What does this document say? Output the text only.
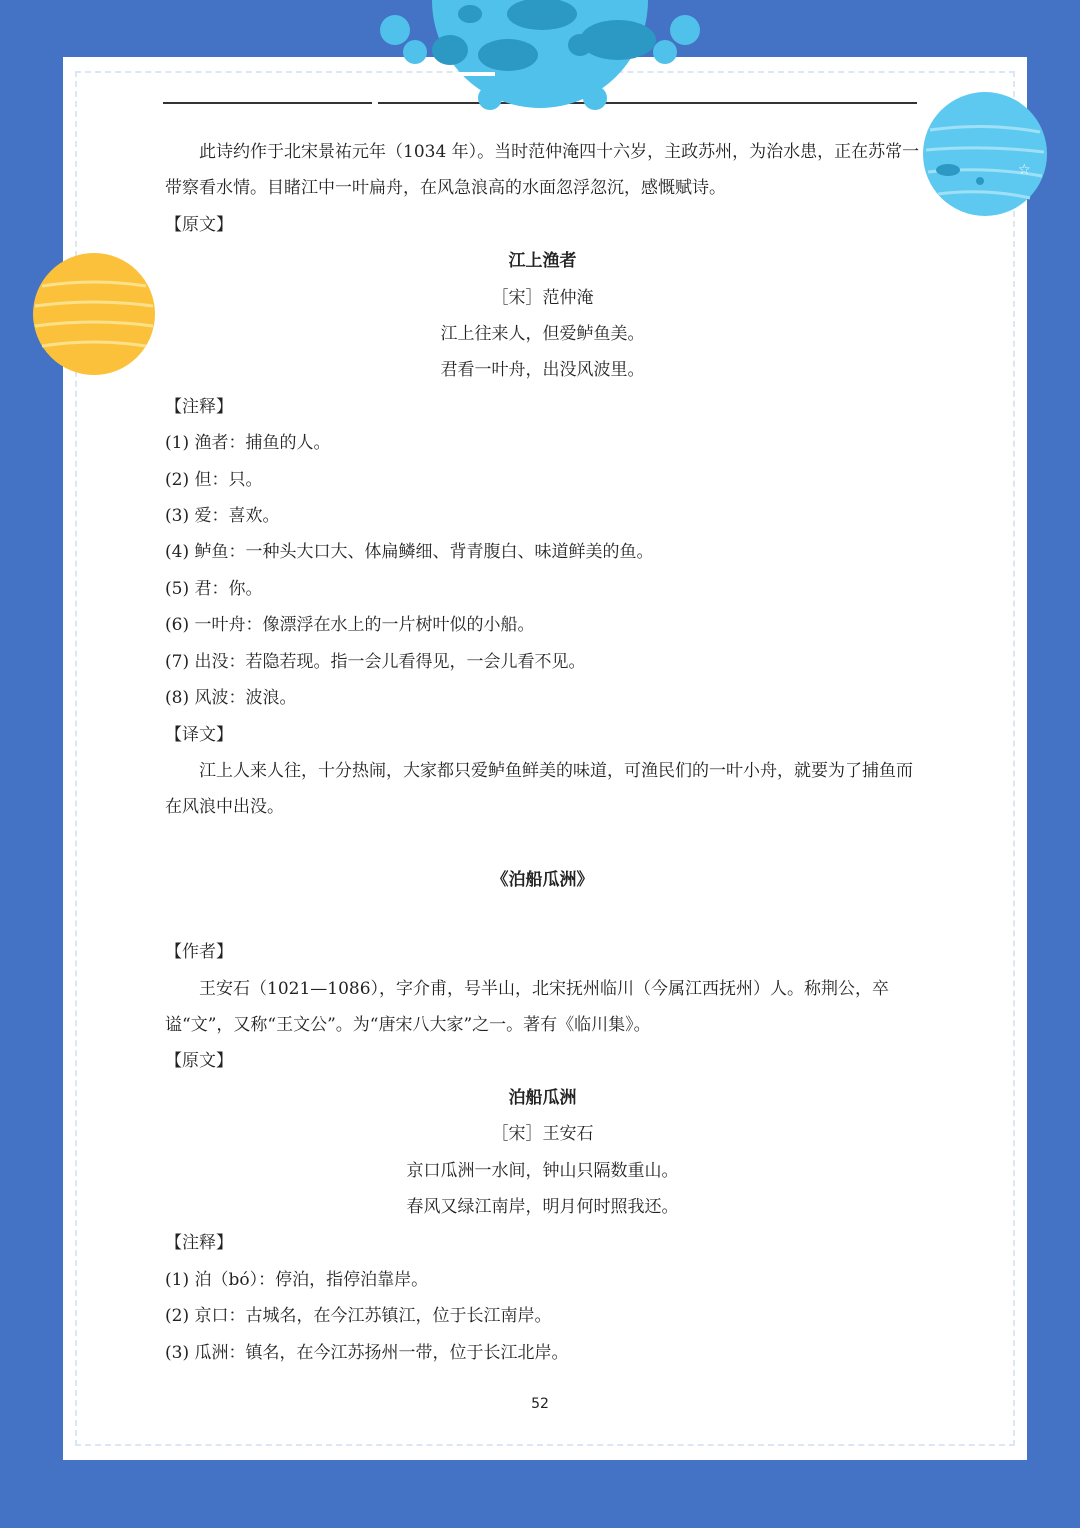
☆

此诗约作于北宋景祐元年（1034 年）。当时范仲淹四十六岁，主政苏州，为治水患，正在苏常一带察看水情。目睹江中一叶扁舟，在风急浪高的水面忽浮忽沉，感慨赋诗。

【原文】

江上渔者

［宋］范仲淹

江上往来人，但爱鲈鱼美。

君看一叶舟，出没风波里。

【注释】

(1) 渔者：捕鱼的人。

(2) 但：只。

(3) 爱：喜欢。

(4) 鲈鱼：一种头大口大、体扁鳞细、背青腹白、味道鲜美的鱼。

(5) 君：你。

(6) 一叶舟：像漂浮在水上的一片树叶似的小船。

(7) 出没：若隐若现。指一会儿看得见，一会儿看不见。

(8) 风波：波浪。

【译文】

江上人来人往，十分热闹，大家都只爱鲈鱼鲜美的味道，可渔民们的一叶小舟，就要为了捕鱼而在风浪中出没。

《泊船瓜洲》

【作者】

王安石（1021—1086），字介甫，号半山，北宋抚州临川（今属江西抚州）人。称荆公，卒谥“文”，又称“王文公”。为“唐宋八大家”之一。著有《临川集》。

【原文】

泊船瓜洲

［宋］王安石

京口瓜洲一水间，钟山只隔数重山。

春风又绿江南岸，明月何时照我还。

【注释】

(1) 泊（bó）：停泊，指停泊靠岸。

(2) 京口：古城名，在今江苏镇江，位于长江南岸。

(3) 瓜洲：镇名，在今江苏扬州一带，位于长江北岸。

52
